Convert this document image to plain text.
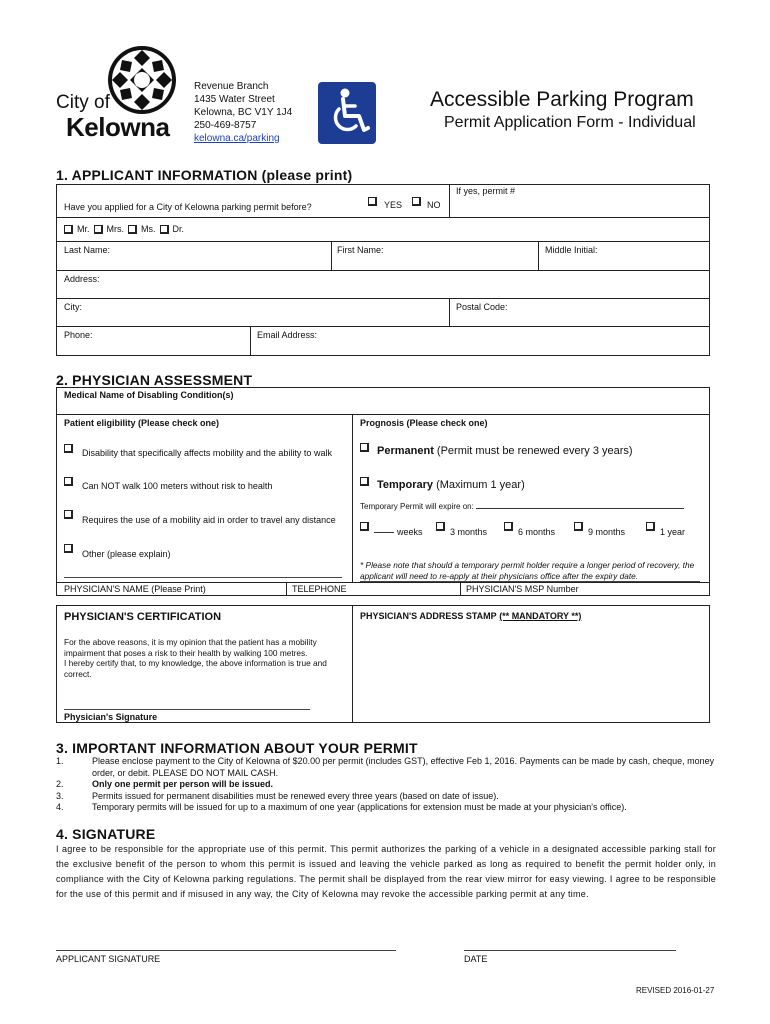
City of
Kelowna
Revenue Branch
1435 Water Street
Kelowna, BC V1Y 1J4
250-469-8757
kelowna.ca/parking
Accessible Parking Program
Permit Application Form - Individual
1. APPLICANT INFORMATION (please print)
Have you applied for a City of Kelowna parking permit before?	YES	NO
If yes, permit #
Mr. Mrs. Ms. Dr.
Last Name:	First Name:	Middle Initial:
Address:
City:	Postal Code:
Phone:	Email Address:
2. PHYSICIAN ASSESSMENT
Medical Name of Disabling Condition(s)
Patient eligibility (Please check one)
Disability that specifically affects mobility and the ability to walk
Can NOT walk 100 meters without risk to health
Requires the use of a mobility aid in order to travel any distance
Other (please explain)
Prognosis (Please check one)
Permanent (Permit must be renewed every 3 years)
Temporary (Maximum 1 year)
Temporary Permit will expire on:
weeks	3 months	6 months	9 months	1 year
* Please note that should a temporary permit holder require a longer period of recovery, the applicant will need to re-apply at their physicians office after the expiry date.
PHYSICIAN'S NAME (Please Print)	TELEPHONE	PHYSICIAN'S MSP Number
PHYSICIAN'S CERTIFICATION
For the above reasons, it is my opinion that the patient has a mobility impairment that poses a risk to their health by walking 100 metres.
I hereby certify that, to my knowledge, the above information is true and correct.
Physician's Signature
PHYSICIAN'S ADDRESS STAMP (** MANDATORY **)
3. IMPORTANT INFORMATION ABOUT YOUR PERMIT
1.	Please enclose payment to the City of Kelowna of $20.00 per permit (includes GST), effective Feb 1, 2016. Payments can be made by cash, cheque, money order, or debit. PLEASE DO NOT MAIL CASH.
2.	Only one permit per person will be issued.
3.	Permits issued for permanent disabilities must be renewed every three years (based on date of issue).
4.	Temporary permits will be issued for up to a maximum of one year (applications for extension must be made at your physician's office).
4. SIGNATURE
I agree to be responsible for the appropriate use of this permit. This permit authorizes the parking of a vehicle in a designated accessible parking stall for the exclusive benefit of the person to whom this permit is issued and leaving the vehicle parked as long as required to benefit the permit holder only, in compliance with the City of Kelowna parking regulations. The permit shall be displayed from the rear view mirror for easy viewing. I agree to be responsible for the use of this permit and if misused in any way, the City of Kelowna may revoke the accessible parking permit at any time.
APPLICANT SIGNATURE	DATE
REVISED 2016-01-27
